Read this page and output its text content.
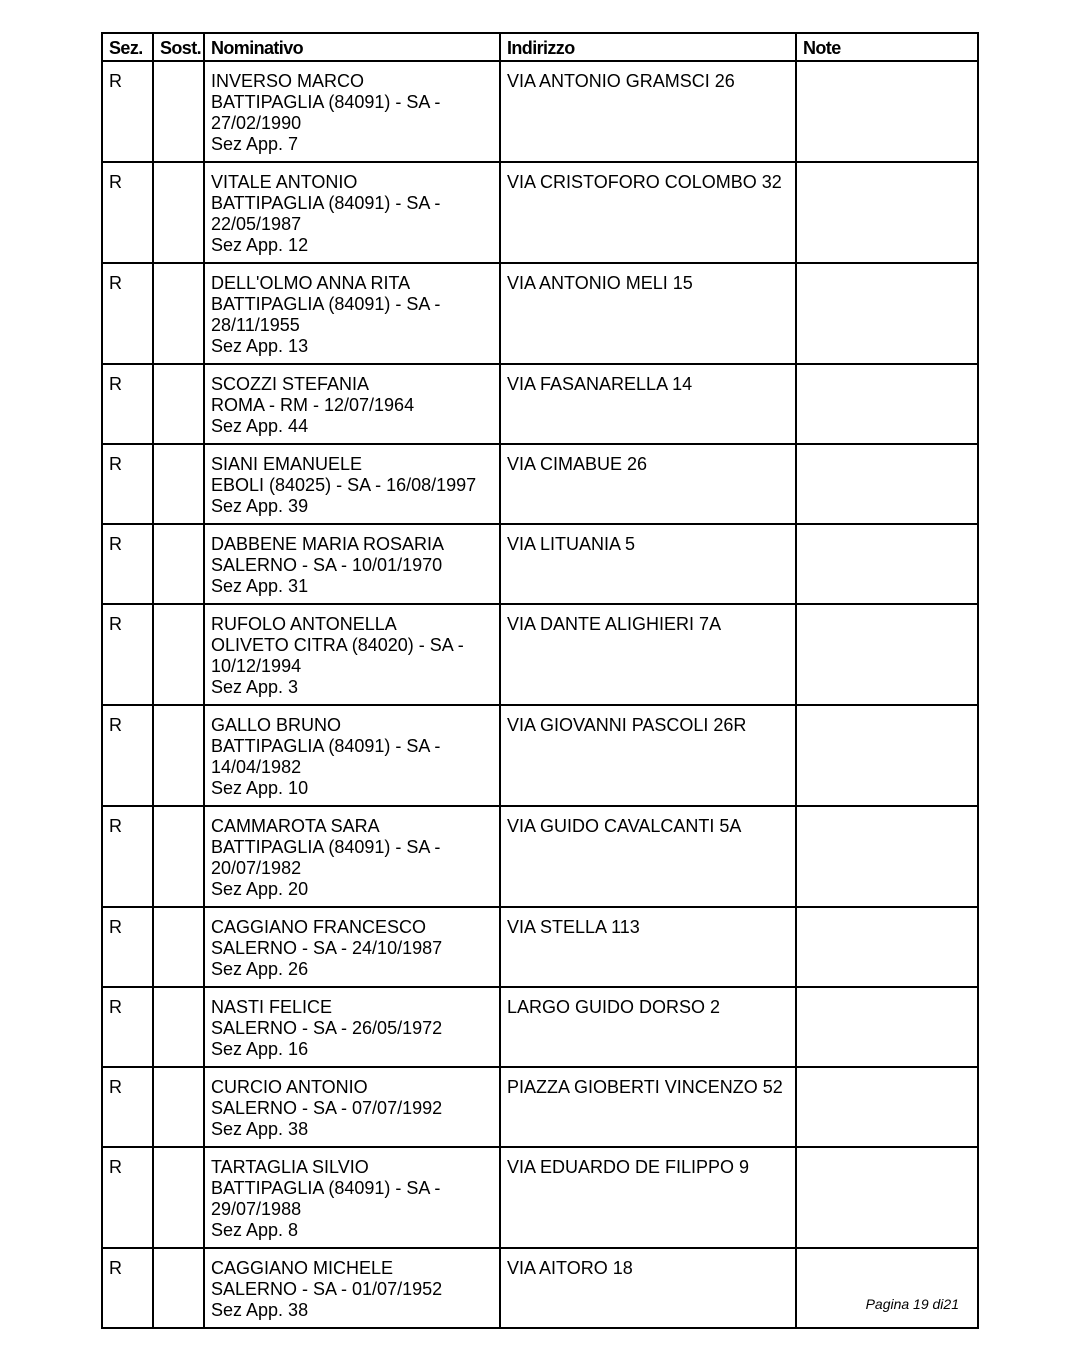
Sez.	Sost.	Nominativo	Indirizzo	Note
R		INVERSO MARCO
BATTIPAGLIA (84091) - SA -
27/02/1990
Sez App. 7	VIA ANTONIO GRAMSCI 26	
R		VITALE ANTONIO
BATTIPAGLIA (84091) - SA -
22/05/1987
Sez App. 12	VIA CRISTOFORO COLOMBO 32	
R		DELL'OLMO ANNA RITA
BATTIPAGLIA (84091) - SA -
28/11/1955
Sez App. 13	VIA ANTONIO MELI 15	
R		SCOZZI STEFANIA
ROMA - RM - 12/07/1964
Sez App. 44	VIA FASANARELLA 14	
R		SIANI EMANUELE
EBOLI (84025) - SA - 16/08/1997
Sez App. 39	VIA CIMABUE 26	
R		DABBENE MARIA ROSARIA
SALERNO - SA - 10/01/1970
Sez App. 31	VIA LITUANIA 5	
R		RUFOLO ANTONELLA
OLIVETO CITRA (84020) - SA -
10/12/1994
Sez App. 3	VIA DANTE ALIGHIERI 7A	
R		GALLO BRUNO
BATTIPAGLIA (84091) - SA -
14/04/1982
Sez App. 10	VIA GIOVANNI PASCOLI 26R	
R		CAMMAROTA SARA
BATTIPAGLIA (84091) - SA -
20/07/1982
Sez App. 20	VIA GUIDO CAVALCANTI 5A	
R		CAGGIANO FRANCESCO
SALERNO - SA - 24/10/1987
Sez App. 26	VIA STELLA 113	
R		NASTI FELICE
SALERNO - SA - 26/05/1972
Sez App. 16	LARGO GUIDO DORSO 2	
R		CURCIO ANTONIO
SALERNO - SA - 07/07/1992
Sez App. 38	PIAZZA GIOBERTI VINCENZO 52	
R		TARTAGLIA SILVIO
BATTIPAGLIA (84091) - SA -
29/07/1988
Sez App. 8	VIA EDUARDO DE FILIPPO 9	
R		CAGGIANO MICHELE
SALERNO - SA - 01/07/1952
Sez App. 38	VIA AITORO 18	
Pagina 19 di21
